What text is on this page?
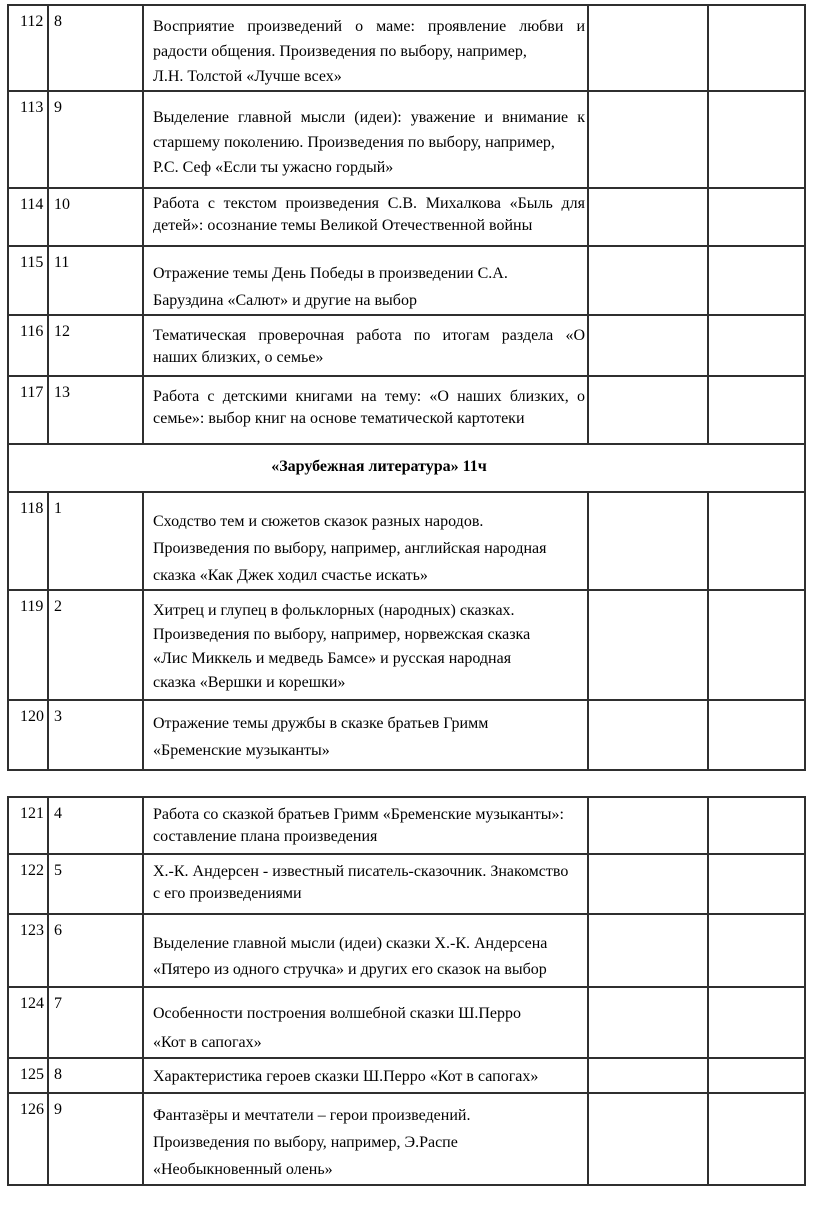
112	8	Восприятие произведений о маме: проявление любви и
радости общения. Произведения по выбору, например,
Л.Н. Толстой «Лучше всех»		

113	9	Выделение главной мысли (идеи): уважение и внимание к
старшему поколению. Произведения по выбору, например,
Р.С. Сеф «Если ты ужасно гордый»		

114	10	Работа с текстом произведения С.В. Михалкова «Быль для
детей»: осознание темы Великой Отечественной войны		

115	11	Отражение темы День Победы в произведении С.А.
Баруздина «Салют» и другие на выбор		

116	12	Тематическая проверочная работа по итогам раздела «О
наших близких, о семье»		

117	13	Работа с детскими книгами на тему: «О наших близких, о
семье»: выбор книг на основе тематической картотеки		

«Зарубежная литература» 11ч				
118	1	Сходство тем и сюжетов сказок разных народов.
Произведения по выбору, например, английская народная
сказка «Как Джек ходил счастье искать»		

119	2	Хитрец и глупец в фольклорных (народных) сказках.
Произведения по выбору, например, норвежская сказка
«Лис Миккель и медведь Бамсе» и русская народная
сказка «Вершки и корешки»		

120	3	Отражение темы дружбы в сказке братьев Гримм
«Бременские музыканты»		

121	4	Работа со сказкой братьев Гримм «Бременские музыканты»:
составление плана произведения		

122	5	Х.-К. Андерсен - известный писатель-сказочник. Знакомство
с его произведениями		

123	6	Выделение главной мысли (идеи) сказки Х.-К. Андерсена
«Пятеро из одного стручка» и других его сказок на выбор		

124	7	Особенности построения волшебной сказки Ш.Перро
«Кот в сапогах»		

125	8	Характеристика героев сказки Ш.Перро «Кот в сапогах»		

126	9	Фантазёры и мечтатели – герои произведений.
Произведения по выбору, например, Э.Распе
«Необыкновенный олень»		
